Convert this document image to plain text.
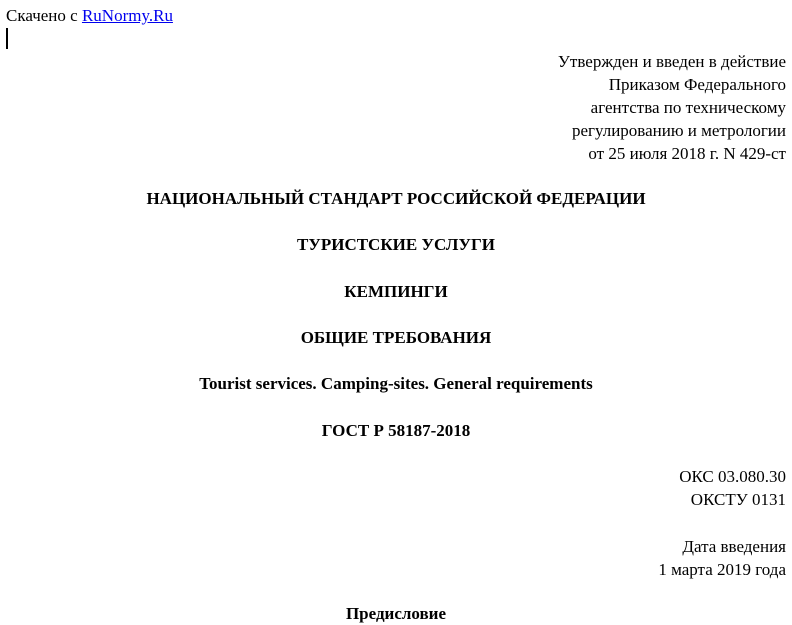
Скачено с RuNormy.Ru
Утвержден и введен в действие
Приказом Федерального
агентства по техническому
регулированию и метрологии
от 25 июля 2018 г. N 429-ст
НАЦИОНАЛЬНЫЙ СТАНДАРТ РОССИЙСКОЙ ФЕДЕРАЦИИ
ТУРИСТСКИЕ УСЛУГИ
КЕМПИНГИ
ОБЩИЕ ТРЕБОВАНИЯ
Tourist services. Camping-sites. General requirements
ГОСТ Р 58187-2018
ОКС 03.080.30
ОКСТУ 0131
Дата введения
1 марта 2019 года
Предисловие
